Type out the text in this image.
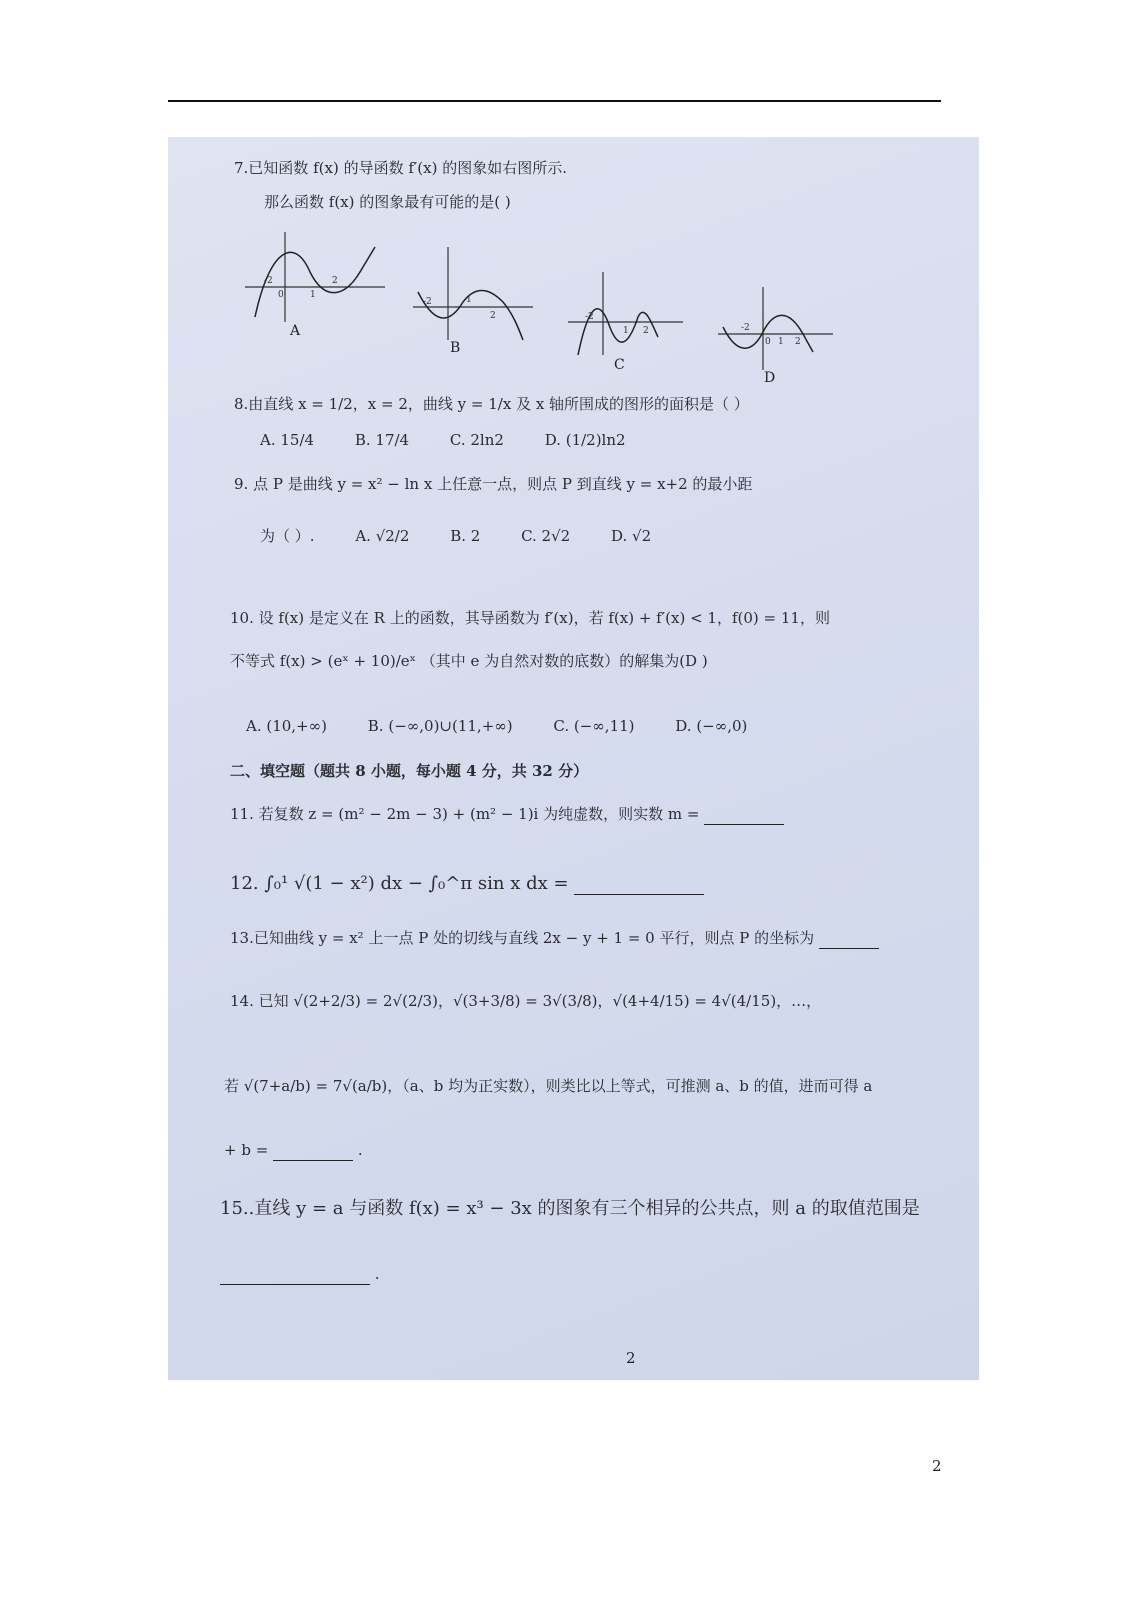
7.已知函数 f(x) 的导函数 f′(x) 的图象如右图所示.
那么函数 f(x) 的图象最有可能的是( )
-2
0	1
2
A
-2	1
2
B
-2
1 2
C
-2
0 1 2
D
8.由直线 x = 1/2，x = 2，曲线 y = 1/x 及 x 轴所围成的图形的面积是（ ）
A. 15/4	B. 17/4	C. 2ln2	D. (1/2)ln2
9. 点 P 是曲线 y = x² − ln x 上任意一点，则点 P 到直线 y = x+2 的最小距
为（ ）.	A. √2/2	B. 2	C. 2√2	D. √2
10. 设 f(x) 是定义在 R 上的函数，其导函数为 f′(x)，若 f(x) + f′(x) < 1，f(0) = 11，则
不等式 f(x) > (eˣ + 10)/eˣ （其中 e 为自然对数的底数）的解集为(D )
A. (10,+∞)	B. (−∞,0)∪(11,+∞)	C. (−∞,11)	D. (−∞,0)
二、填空题（题共 8 小题，每小题 4 分，共 32 分）
11. 若复数 z = (m² − 2m − 3) + (m² − 1)i 为纯虚数，则实数 m =
12. ∫₀¹ √(1 − x²) dx − ∫₀^π sin x dx =
13.已知曲线 y = x² 上一点 P 处的切线与直线 2x − y + 1 = 0 平行，则点 P 的坐标为
14. 已知 √(2+2/3) = 2√(2/3)，√(3+3/8) = 3√(3/8)，√(4+4/15) = 4√(4/15)，…，
若 √(7+a/b) = 7√(a/b)，（a、b 均为正实数），则类比以上等式，可推测 a、b 的值，进而可得 a
+ b =	.
15..直线 y = a 与函数 f(x) = x³ − 3x 的图象有三个相异的公共点，则 a 的取值范围是
.
2
2
